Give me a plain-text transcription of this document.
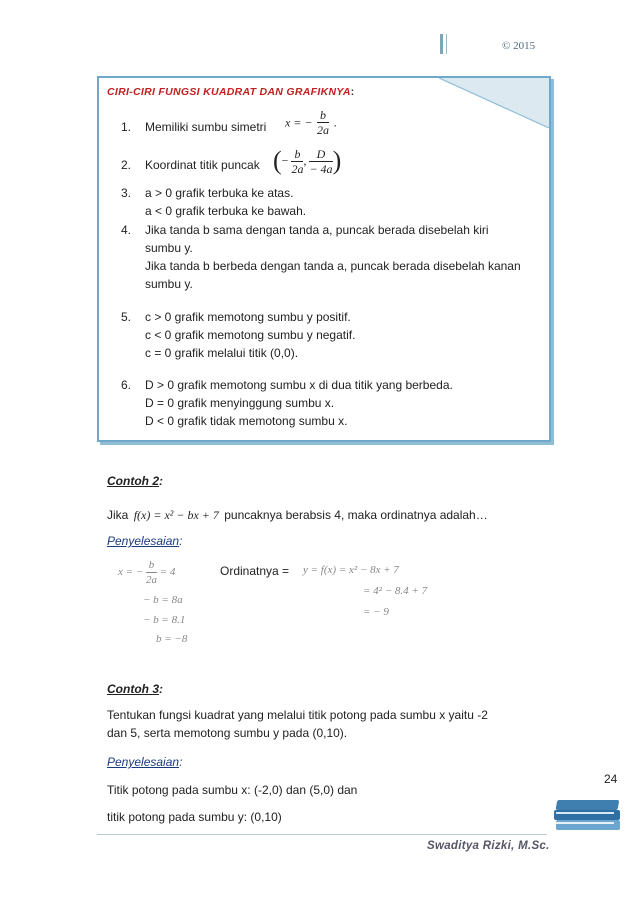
© 2015
CIRI-CIRI FUNGSI KUADRAT DAN GRAFIKNYA:
1. Memiliki sumbu simetri x = − $\frac{b}{2a}$ .
2. Koordinat titik puncak (− $\frac{b}{2a}$ , $\frac{D}{- 4a}$ )
3. a > 0 grafik terbuka ke atas.
a < 0 grafik terbuka ke bawah.
4. Jika tanda b sama dengan tanda a, puncak berada disebelah kiri
sumbu y.
Jika tanda b berbeda dengan tanda a, puncak berada disebelah kanan
sumbu y.
5. c > 0 grafik memotong sumbu y positif.
c < 0 grafik memotong sumbu y negatif.
c = 0 grafik melalui titik (0,0).
6. D > 0 grafik memotong sumbu x di dua titik yang berbeda.
D = 0 grafik menyinggung sumbu x.
D < 0 grafik tidak memotong sumbu x.
Contoh 2:
Jika f(x) = x² − bx + 7 puncaknya berabsis 4, maka ordinatnya adalah…
Penyelesaian:
x = − $\frac{b}{2a} = 4$
− b = 8a
− b = 8.1
b = −8
Ordinatnya = y = f(x) = x² − 8x + 7
= 4² − 8.4 + 7
= − 9
Contoh 3:
Tentukan fungsi kuadrat yang melalui titik potong pada sumbu x yaitu -2
dan 5, serta memotong sumbu y pada (0,10).
Penyelesaian:
Titik potong pada sumbu x: (-2,0) dan (5,0) dan
titik potong pada sumbu y: (0,10)
24
Swaditya Rizki, M.Sc.
